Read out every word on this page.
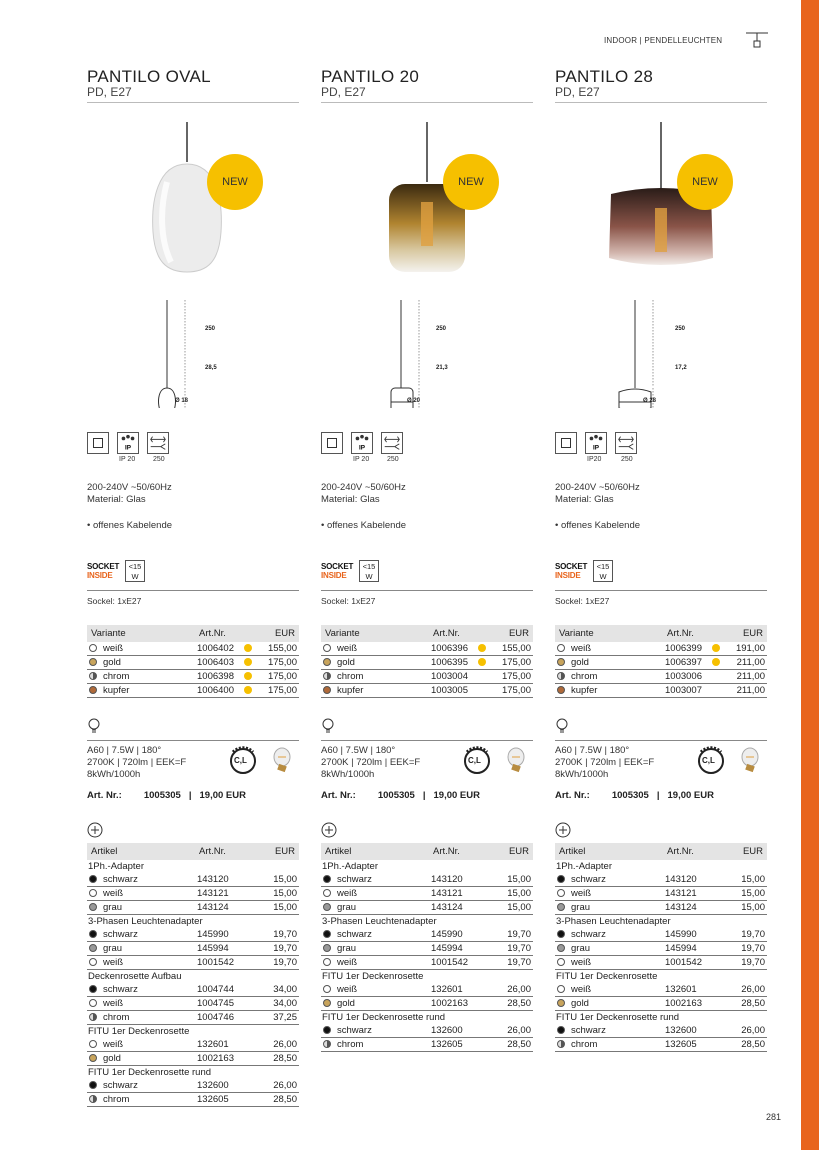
INDOOR | PENDELLEUCHTEN
281
PANTILO OVAL
PD, E27
NEW
250
28,5
Ø 18
IP
IP 20	250
200-240V ~50/60Hz
Material: Glas
• offenes Kabelende
SOCKET
INSIDE
<15
W
Sockel: 1xE27
Variante	Art.Nr.	EUR
weiß	1006402	155,00
gold	1006403	175,00
chrom	1006398	175,00
kupfer	1006400	175,00
A60 | 7.5W | 180°
2700K | 720lm | EEK=F
8kWh/1000h
C,L
Art. Nr.: 1005305 | 19,00 EUR
Artikel	Art.Nr.	EUR
1Ph.-Adapter		
schwarz	143120	15,00
weiß	143121	15,00
grau	143124	15,00
3-Phasen Leuchtenadapter		
schwarz	145990	19,70
grau	145994	19,70
weiß	1001542	19,70
Deckenrosette Aufbau		
schwarz	1004744	34,00
weiß	1004745	34,00
chrom	1004746	37,25
FITU 1er Deckenrosette		
weiß	132601	26,00
gold	1002163	28,50
FITU 1er Deckenrosette rund		
schwarz	132600	26,00
chrom	132605	28,50
PANTILO 20
PD, E27
NEW
250
21,3
Ø 20
IP
IP 20	250
200-240V ~50/60Hz
Material: Glas
• offenes Kabelende
SOCKET
INSIDE
<15
W
Sockel: 1xE27
Variante	Art.Nr.	EUR
weiß	1006396	155,00
gold	1006395	175,00
chrom	1003004	175,00
kupfer	1003005	175,00
A60 | 7.5W | 180°
2700K | 720lm | EEK=F
8kWh/1000h
C,L
Art. Nr.: 1005305 | 19,00 EUR
Artikel	Art.Nr.	EUR
1Ph.-Adapter		
schwarz	143120	15,00
weiß	143121	15,00
grau	143124	15,00
3-Phasen Leuchtenadapter		
schwarz	145990	19,70
grau	145994	19,70
weiß	1001542	19,70
FITU 1er Deckenrosette		
weiß	132601	26,00
gold	1002163	28,50
FITU 1er Deckenrosette rund		
schwarz	132600	26,00
chrom	132605	28,50
PANTILO 28
PD, E27
NEW
250
17,2
Ø 28
IP
IP20	250
200-240V ~50/60Hz
Material: Glas
• offenes Kabelende
SOCKET
INSIDE
<15
W
Sockel: 1xE27
Variante	Art.Nr.	EUR
weiß	1006399	191,00
gold	1006397	211,00
chrom	1003006	211,00
kupfer	1003007	211,00
A60 | 7.5W | 180°
2700K | 720lm | EEK=F
8kWh/1000h
C,L
Art. Nr.: 1005305 | 19,00 EUR
Artikel	Art.Nr.	EUR
1Ph.-Adapter		
schwarz	143120	15,00
weiß	143121	15,00
grau	143124	15,00
3-Phasen Leuchtenadapter		
schwarz	145990	19,70
grau	145994	19,70
weiß	1001542	19,70
FITU 1er Deckenrosette		
weiß	132601	26,00
gold	1002163	28,50
FITU 1er Deckenrosette rund		
schwarz	132600	26,00
chrom	132605	28,50
